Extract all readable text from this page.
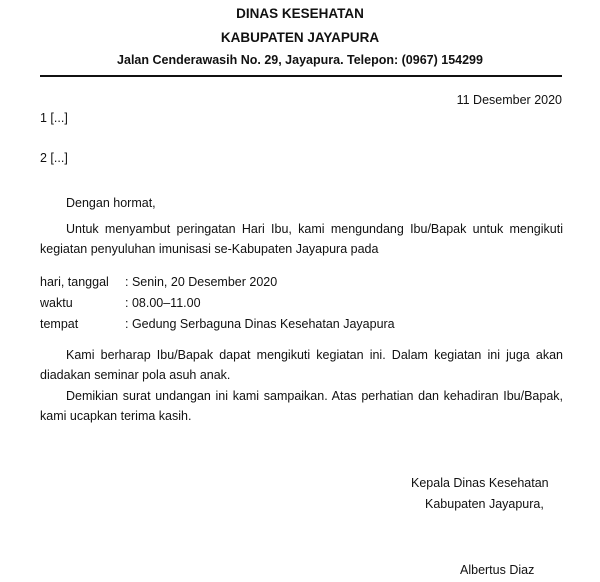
DINAS KESEHATAN
KABUPATEN JAYAPURA
Jalan Cenderawasih No. 29, Jayapura. Telepon: (0967) 154299
11 Desember 2020
1 [...]
2 [...]
Dengan hormat,
Untuk menyambut peringatan Hari Ibu, kami mengundang Ibu/Bapak untuk mengikuti kegiatan penyuluhan imunisasi se-Kabupaten Jayapura pada
hari, tanggal : Senin, 20 Desember 2020
waktu	: 08.00–11.00
tempat	: Gedung Serbaguna Dinas Kesehatan Jayapura
Kami berharap Ibu/Bapak dapat mengikuti kegiatan ini. Dalam kegiatan ini juga akan diadakan seminar pola asuh anak.
Demikian surat undangan ini kami sampaikan. Atas perhatian dan kehadiran Ibu/Bapak, kami ucapkan terima kasih.
Kepala Dinas Kesehatan
Kabupaten Jayapura,
Albertus Diaz
